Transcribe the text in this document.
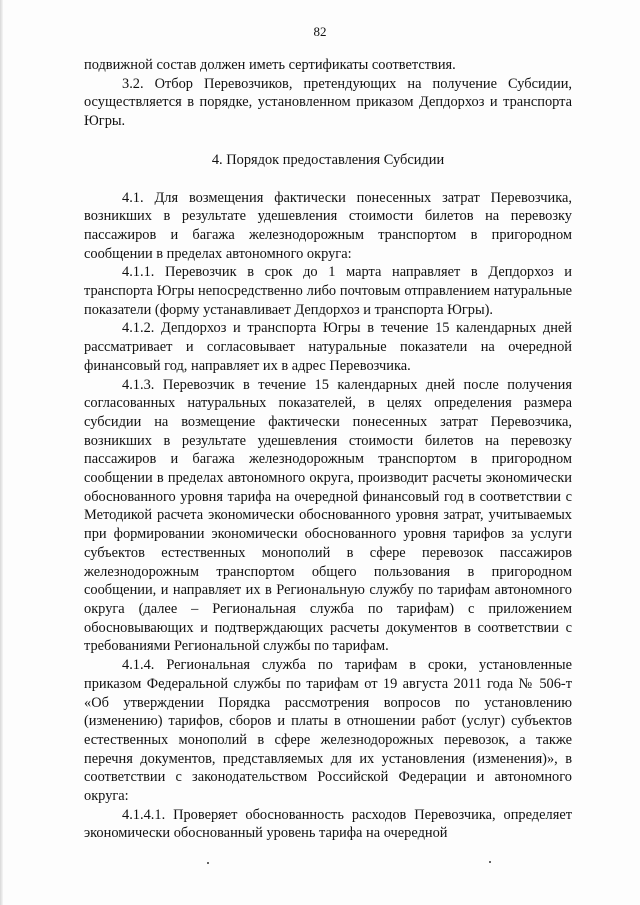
82

подвижной состав должен иметь сертификаты соответствия.

3.2. Отбор Перевозчиков, претендующих на получение Субсидии, осуществляется в порядке, установленном приказом Депдорхоз и транспорта Югры.

4. Порядок предоставления Субсидии

4.1. Для возмещения фактически понесенных затрат Перевозчика, возникших в результате удешевления стоимости билетов на перевозку пассажиров и багажа железнодорожным транспортом в пригородном сообщении в пределах автономного округа:

4.1.1. Перевозчик в срок до 1 марта направляет в Депдорхоз и транспорта Югры непосредственно либо почтовым отправлением натуральные показатели (форму устанавливает Депдорхоз и транспорта Югры).

4.1.2. Депдорхоз и транспорта Югры в течение 15 календарных дней рассматривает и согласовывает натуральные показатели на очередной финансовый год, направляет их в адрес Перевозчика.

4.1.3. Перевозчик в течение 15 календарных дней после получения согласованных натуральных показателей, в целях определения размера субсидии на возмещение фактически понесенных затрат Перевозчика, возникших в результате удешевления стоимости билетов на перевозку пассажиров и багажа железнодорожным транспортом в пригородном сообщении в пределах автономного округа, производит расчеты экономически обоснованного уровня тарифа на очередной финансовый год в соответствии с Методикой расчета экономически обоснованного уровня затрат, учитываемых при формировании экономически обоснованного уровня тарифов за услуги субъектов естественных монополий в сфере перевозок пассажиров железнодорожным транспортом общего пользования в пригородном сообщении, и направляет их в Региональную службу по тарифам автономного округа (далее – Региональная служба по тарифам) с приложением обосновывающих и подтверждающих расчеты документов в соответствии с требованиями Региональной службы по тарифам.

4.1.4. Региональная служба по тарифам в сроки, установленные приказом Федеральной службы по тарифам от 19 августа 2011 года № 506-т «Об утверждении Порядка рассмотрения вопросов по установлению (изменению) тарифов, сборов и платы в отношении работ (услуг) субъектов естественных монополий в сфере железнодорожных перевозок, а также перечня документов, представляемых для их установления (изменения)», в соответствии с законодательством Российской Федерации и автономного округа:

4.1.4.1. Проверяет обоснованность расходов Перевозчика, определяет экономически обоснованный уровень тарифа на очередной
